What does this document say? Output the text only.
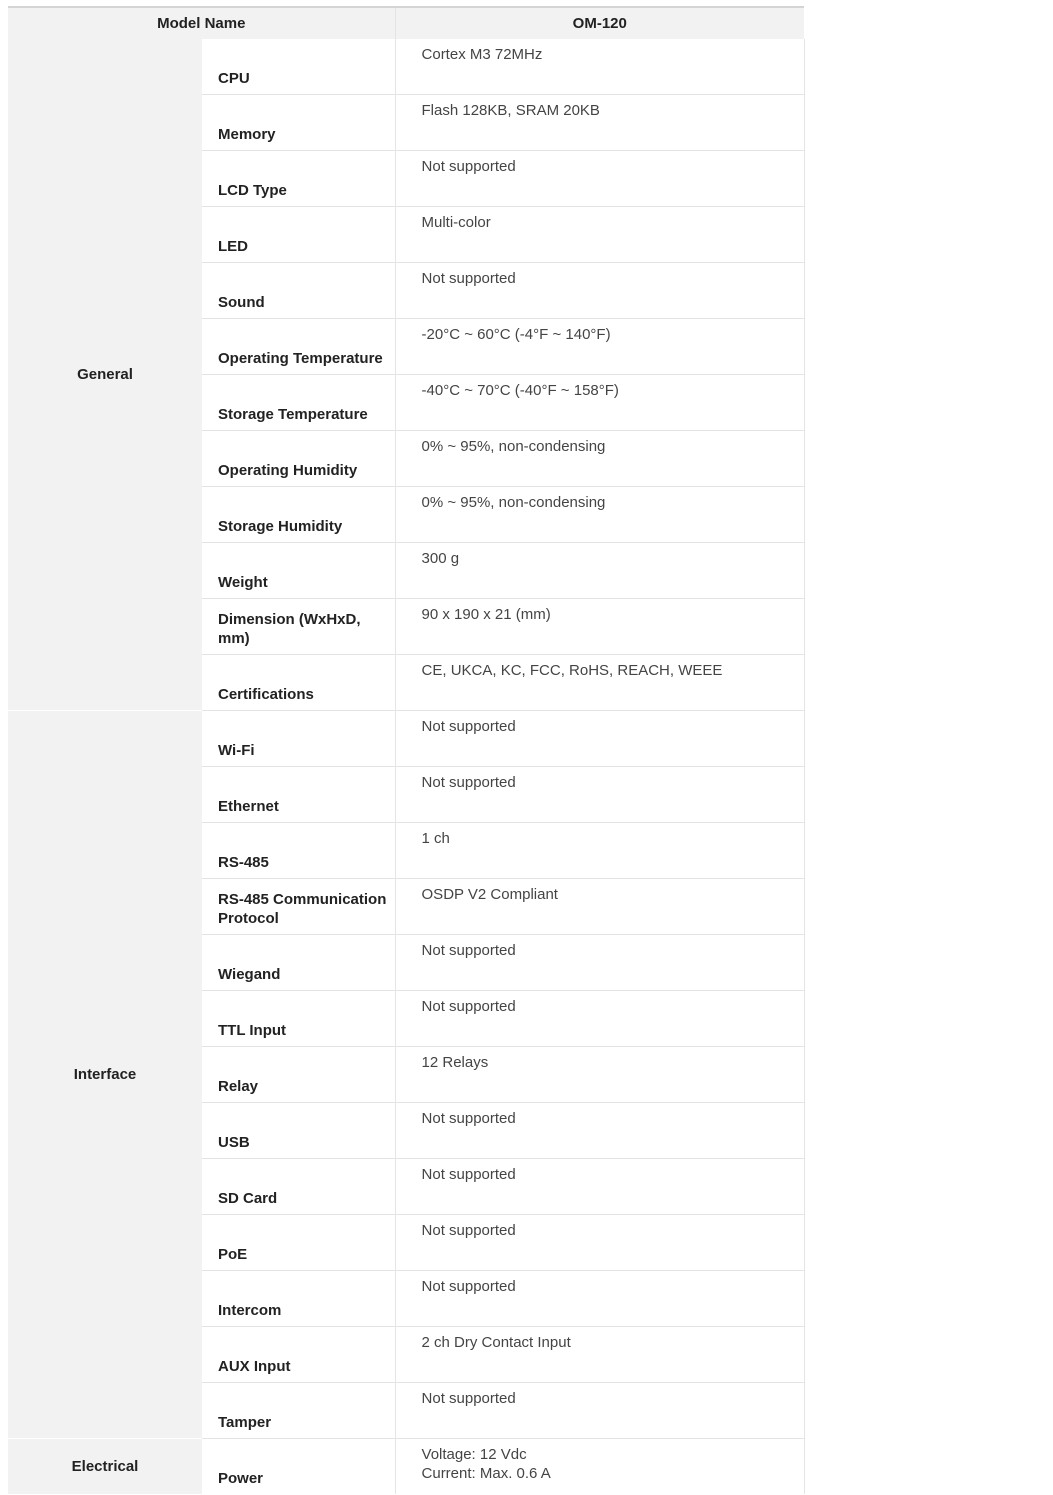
Model Name		OM-120
General	CPU	Cortex M3 72MHz

	Memory	Flash 128KB, SRAM 20KB

	LCD Type	Not supported

	LED	Multi-color

	Sound	Not supported

	Operating Temperature	-20°C ~ 60°C (-4°F ~ 140°F)

	Storage Temperature	-40°C ~ 70°C (-40°F ~ 158°F)

	Operating Humidity	0% ~ 95%, non-condensing

	Storage Humidity	0% ~ 95%, non-condensing

	Weight	300 g

	Dimension (WxHxD, mm)	90 x 190 x 21 (mm)

	Certifications	CE, UKCA, KC, FCC, RoHS, REACH, WEEE

Interface	Wi-Fi	Not supported

	Ethernet	Not supported

	RS-485	1 ch

	RS-485 Communication Protocol	OSDP V2 Compliant

	Wiegand	Not supported

	TTL Input	Not supported

	Relay	12 Relays

	USB	Not supported

	SD Card	Not supported

	PoE	Not supported

	Intercom	Not supported

	AUX Input	2 ch Dry Contact Input

	Tamper	Not supported

Electrical	Power	Voltage: 12 Vdc
Current: Max. 0.6 A
